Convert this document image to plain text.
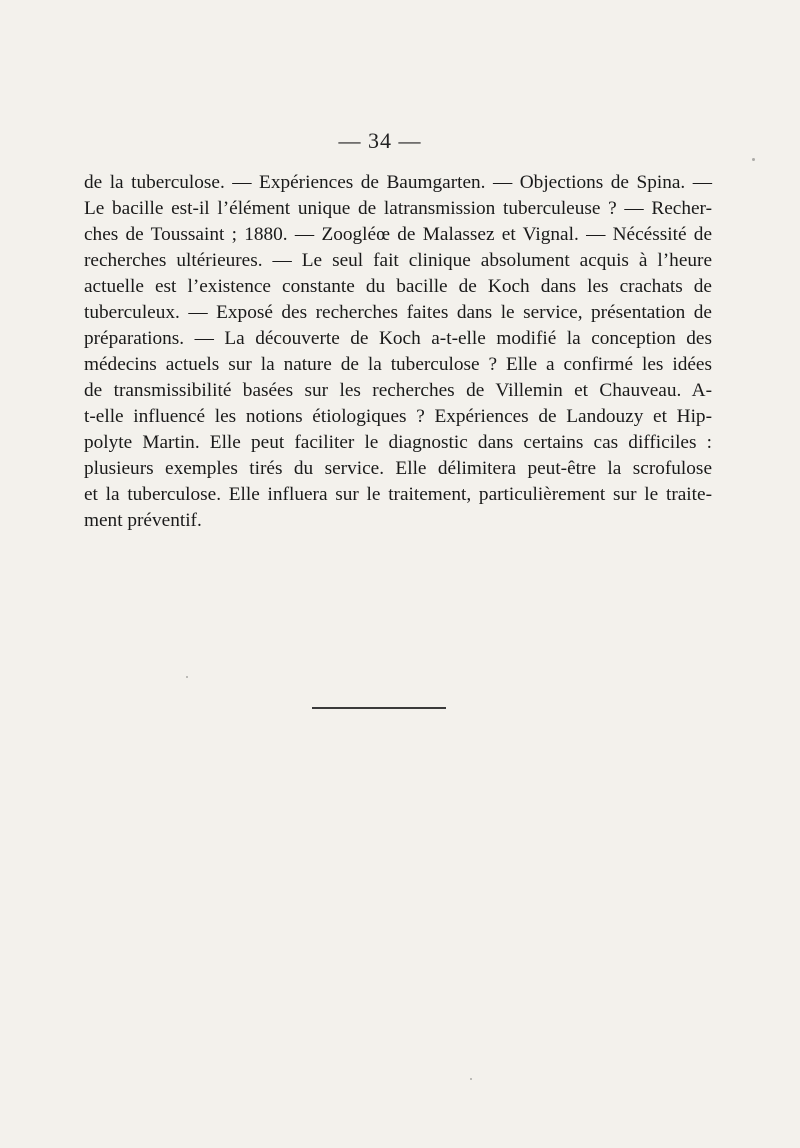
— 34 —
de la tuberculose. — Expériences de Baumgarten. — Objections de Spina. —
Le bacille est-il l’élément unique de latransmission tuberculeuse ? — Recher-
ches de Toussaint ; 1880. — Zoogléœ de Malassez et Vignal. — Nécéssité de
recherches ultérieures. — Le seul fait clinique absolument acquis à l’heure
actuelle est l’existence constante du bacille de Koch dans les crachats de
tuberculeux. — Exposé des recherches faites dans le service, présentation de
préparations. — La découverte de Koch a-t-elle modifié la conception des
médecins actuels sur la nature de la tuberculose ? Elle a confirmé les idées
de transmissibilité basées sur les recherches de Villemin et Chauveau. A-
t-elle influencé les notions étiologiques ? Expériences de Landouzy et Hip-
polyte Martin. Elle peut faciliter le diagnostic dans certains cas difficiles :
plusieurs exemples tirés du service. Elle délimitera peut-être la scrofulose
et la tuberculose. Elle influera sur le traitement, particulièrement sur le traite-
ment préventif.
